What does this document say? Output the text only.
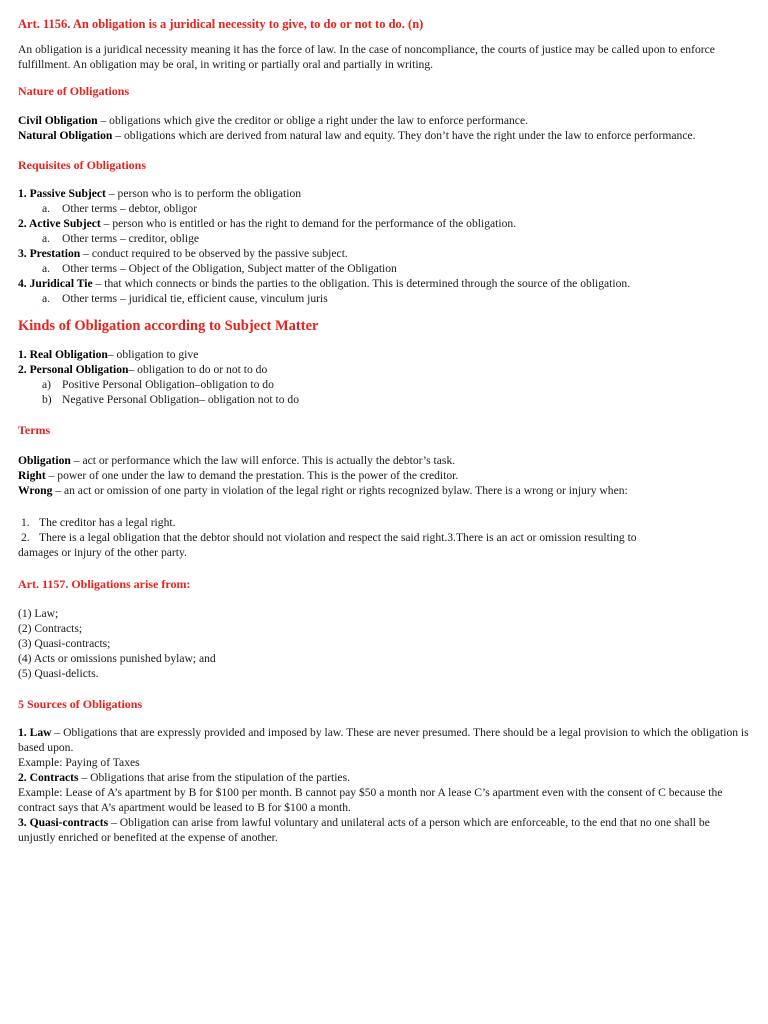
Art. 1156. An obligation is a juridical necessity to give, to do or not to do. (n)

An obligation is a juridical necessity meaning it has the force of law. In the case of noncompliance, the courts of justice may be called upon to enforce fulfillment. An obligation may be oral, in writing or partially oral and partially in writing.

Nature of Obligations

Civil Obligation – obligations which give the creditor or oblige a right under the law to enforce performance.

Natural Obligation – obligations which are derived from natural law and equity. They don’t have the right under the law to enforce performance.

Requisites of Obligations

1. Passive Subject – person who is to perform the obligation

a. Other terms – debtor, obligor

2. Active Subject – person who is entitled or has the right to demand for the performance of the obligation.

a. Other terms – creditor, oblige

3. Prestation – conduct required to be observed by the passive subject.

a. Other terms – Object of the Obligation, Subject matter of the Obligation

4. Juridical Tie – that which connects or binds the parties to the obligation. This is determined through the source of the obligation.

a. Other terms – juridical tie, efficient cause, vinculum juris

Kinds of Obligation according to Subject Matter

1. Real Obligation– obligation to give

2. Personal Obligation– obligation to do or not to do

a) Positive Personal Obligation–obligation to do

b) Negative Personal Obligation– obligation not to do

Terms

Obligation – act or performance which the law will enforce. This is actually the debtor’s task.

Right – power of one under the law to demand the prestation. This is the power of the creditor.

Wrong – an act or omission of one party in violation of the legal right or rights recognized bylaw. There is a wrong or injury when:

1. The creditor has a legal right.

2. There is a legal obligation that the debtor should not violation and respect the said right.3.There is an act or omission resulting to

damages or injury of the other party.

Art. 1157. Obligations arise from:

(1) Law;

(2) Contracts;

(3) Quasi-contracts;

(4) Acts or omissions punished bylaw; and

(5) Quasi-delicts.

5 Sources of Obligations

1. Law – Obligations that are expressly provided and imposed by law. These are never presumed. There should be a legal provision to which the obligation is based upon.

Example: Paying of Taxes

2. Contracts – Obligations that arise from the stipulation of the parties.

Example: Lease of A’s apartment by B for $100 per month. B cannot pay $50 a month nor A lease C’s apartment even with the consent of C because the contract says that A’s apartment would be leased to B for $100 a month.

3. Quasi-contracts – Obligation can arise from lawful voluntary and unilateral acts of a person which are enforceable, to the end that no one shall be unjustly enriched or benefited at the expense of another.
